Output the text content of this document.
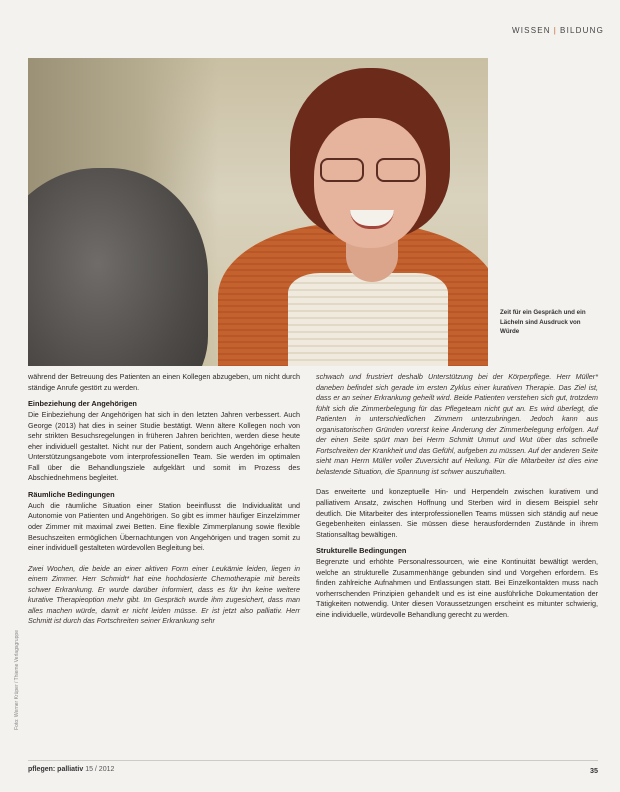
WISSEN | BILDUNG
Zeit für ein Gespräch und ein Lächeln sind Ausdruck von Würde

während der Betreuung des Patienten an einen Kollegen abzugeben, um nicht durch ständige Anrufe gestört zu werden.

Einbeziehung der Angehörigen

Die Einbeziehung der Angehörigen hat sich in den letzten Jahren verbessert. Auch George (2013) hat dies in seiner Studie bestätigt. Wenn ältere Kollegen noch von sehr strikten Besuchsregelungen in früheren Jahren berichten, werden diese heute eher individuell gestaltet. Nicht nur der Patient, sondern auch Angehörige erhalten Unterstützungsangebote vom interprofessionellen Team. Sie werden im optimalen Fall über die Behandlungsziele aufgeklärt und somit im Prozess des Abschiednehmens begleitet.

Räumliche Bedingungen

Auch die räumliche Situation einer Station beeinflusst die Individualität und Autonomie von Patienten und Angehörigen. So gibt es immer häufiger Einzelzimmer oder Zimmer mit maximal zwei Betten. Eine flexible Zimmerplanung sowie flexible Besuchszeiten ermöglichen Übernachtungen von Angehörigen und tragen somit zu einer individuell gestalteten würdevollen Begleitung bei.

Zwei Wochen, die beide an einer aktiven Form einer Leukämie leiden, liegen in einem Zimmer. Herr Schmidt* hat eine hochdosierte Chemotherapie mit bereits schwer Erkrankung. Er wurde darüber informiert, dass es für ihn keine weitere kurative Therapieoption mehr gibt. Im Gespräch wurde ihm zugesichert, dass man alles machen würde, damit er nicht leiden müsse. Er ist jetzt also palliativ. Herr Schmitt ist durch das Fortschreiten seiner Erkrankung sehr

schwach und frustriert deshalb Unterstützung bei der Körperpflege. Herr Müller* daneben befindet sich gerade im ersten Zyklus einer kurativen Therapie. Das Ziel ist, dass er an seiner Erkrankung geheilt wird. Beide Patienten verstehen sich gut, trotzdem fühlt sich die Zimmerbelegung für das Pflegeteam nicht gut an. Es wird überlegt, die Patienten in unterschiedlichen Zimmern unterzubringen. Jedoch kann aus organisatorischen Gründen vorerst keine Änderung der Zimmerbelegung erfolgen. Auf der einen Seite spürt man bei Herrn Schmitt Unmut und Wut über das schnelle Fortschreiten der Krankheit und das Gefühl, aufgeben zu müssen. Auf der anderen Seite sieht man Herrn Müller voller Zuversicht auf Heilung. Für die Mitarbeiter ist dies eine belastende Situation, die Spannung ist schwer auszuhalten.

Das erweiterte und konzeptuelle Hin- und Herpendeln zwischen kurativem und palliativem Ansatz, zwischen Hoffnung und Sterben wird in diesem Beispiel sehr deutlich. Die Mitarbeiter des interprofessionellen Teams müssen sich ständig auf neue Gegebenheiten einlassen. Sie müssen diese herausfordernden Zustände in ihrem Stationsalltag bewältigen.

Strukturelle Bedingungen

Begrenzte und erhöhte Personalressourcen, wie eine Kontinuität bewältigt werden, welche an strukturelle Zusammenhänge gebunden sind und Vorgehen erfordern. Es finden zahlreiche Aufnahmen und Entlassungen statt. Bei Einzelkontakten muss nach vorherrschenden Prinzipien gehandelt und es ist eine ausführliche Dokumentation der Tätigkeiten notwendig. Unter diesen Voraussetzungen erscheint es mitunter schwierig, eine individuelle, würdevolle Behandlung gerecht zu werden.

Foto: Werner Krüper / Thieme Verlagsgruppe
pflegen: palliativ 15 / 2012	35
